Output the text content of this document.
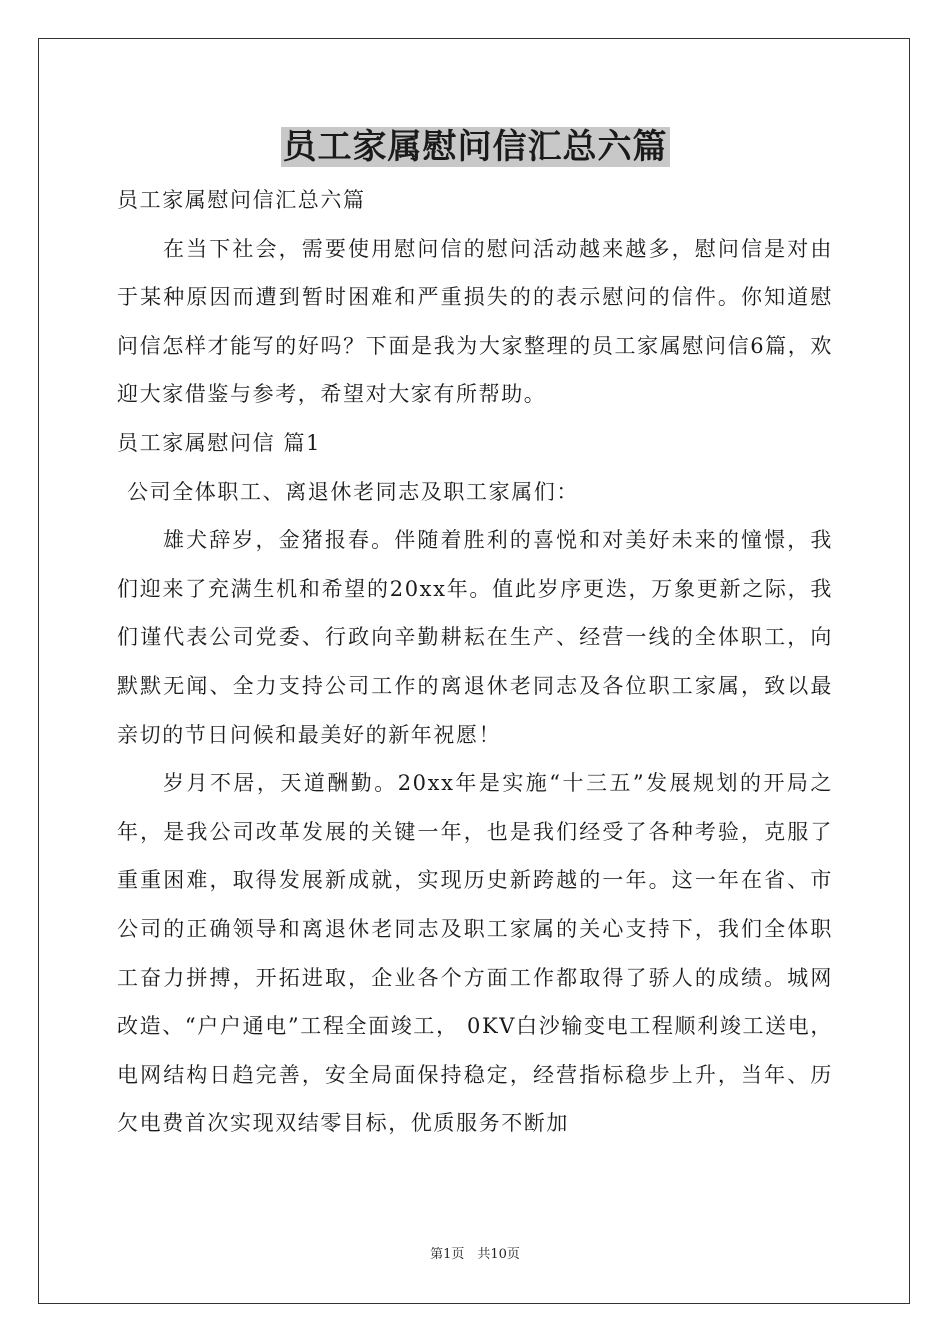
员工家属慰问信汇总六篇

员工家属慰问信汇总六篇

在当下社会，需要使用慰问信的慰问活动越来越多，慰问信是对由于某种原因而遭到暂时困难和严重损失的的表示慰问的信件。你知道慰问信怎样才能写的好吗？下面是我为大家整理的员工家属慰问信6篇，欢迎大家借鉴与参考，希望对大家有所帮助。

员工家属慰问信 篇1

公司全体职工、离退休老同志及职工家属们：

雄犬辞岁，金猪报春。伴随着胜利的喜悦和对美好未来的憧憬，我们迎来了充满生机和希望的20xx年。值此岁序更迭，万象更新之际，我们谨代表公司党委、行政向辛勤耕耘在生产、经营一线的全体职工，向默默无闻、全力支持公司工作的离退休老同志及各位职工家属，致以最亲切的节日问候和最美好的新年祝愿！

岁月不居，天道酬勤。20xx年是实施“十三五”发展规划的开局之年，是我公司改革发展的关键一年，也是我们经受了各种考验，克服了重重困难，取得发展新成就，实现历史新跨越的一年。这一年在省、市公司的正确领导和离退休老同志及职工家属的关心支持下，我们全体职工奋力拼搏，开拓进取，企业各个方面工作都取得了骄人的成绩。城网改造、“户户通电”工程全面竣工， 0KV白沙输变电工程顺利竣工送电，电网结构日趋完善，安全局面保持稳定，经营指标稳步上升，当年、历欠电费首次实现双结零目标，优质服务不断加

第1页　共10页
